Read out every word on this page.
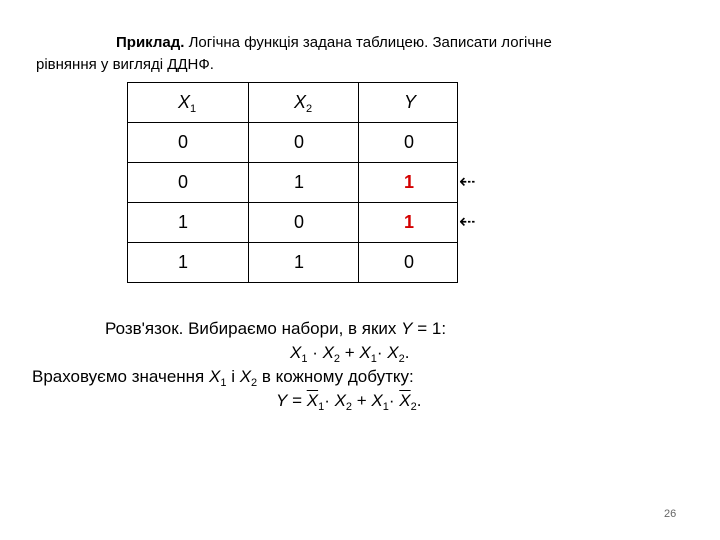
Приклад. Логічна функція задана таблицею. Записати логічне
рівняння у вигляді ДДНФ.
$X_1$	$X_2$	Y
0	0	0
0	1	1
1	0	1
1	1	0
⇠
⇠
Розв'язок. Вибираємо набори, в яких Y = 1:
$X_1 \cdot X_2 + X_1\cdot X_2$.
Враховуємо значення $X_1$ і $X_2$ в кожному добутку:
$Y = \overline{X}_1\cdot X_2 + X_1\cdot \overline{X}_2$.
26
